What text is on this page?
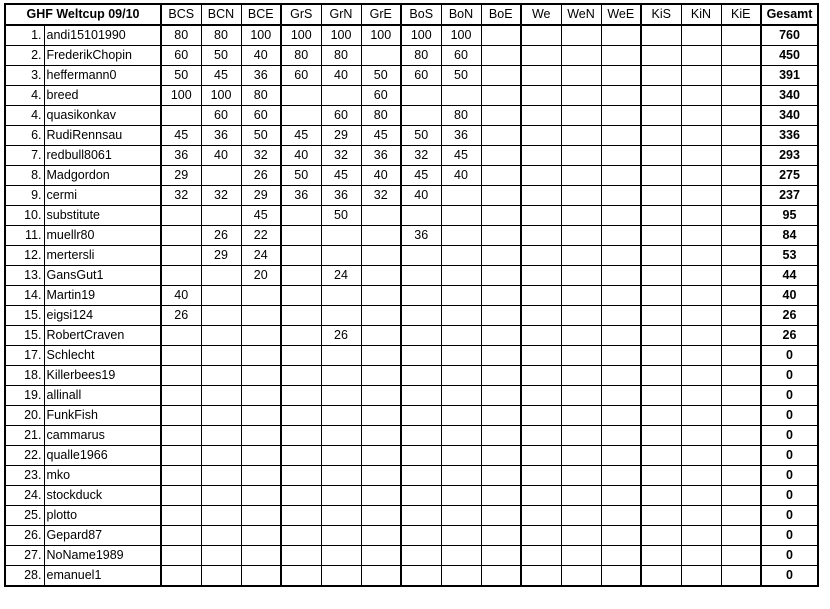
GHF Weltcup 09/10		BCS	BCN	BCE	GrS	GrN	GrE	BoS	BoN	BoE	We	WeN	WeE	KiS	KiN	KiE	Gesamt
1.	andi15101990	80	80	100	100	100	100	100	100								760
2.	FrederikChopin	60	50	40	80	80		80	60								450
3.	heffermann0	50	45	36	60	40	50	60	50								391
4.	breed	100	100	80			60										340
4.	quasikonkav		60	60		60	80		80								340
6.	RudiRennsau	45	36	50	45	29	45	50	36								336
7.	redbull8061	36	40	32	40	32	36	32	45								293
8.	Madgordon	29		26	50	45	40	45	40								275
9.	cermi	32	32	29	36	36	32	40									237
10.	substitute			45		50											95
11.	muellr80		26	22				36									84
12.	mertersli		29	24													53
13.	GansGut1			20		24											44
14.	Martin19	40															40
15.	eigsi124	26															26
15.	RobertCraven					26											26
17.	Schlecht																0
18.	Killerbees19																0
19.	allinall																0
20.	FunkFish																0
21.	cammarus																0
22.	qualle1966																0
23.	mko																0
24.	stockduck																0
25.	plotto																0
26.	Gepard87																0
27.	NoName1989																0
28.	emanuel1																0
